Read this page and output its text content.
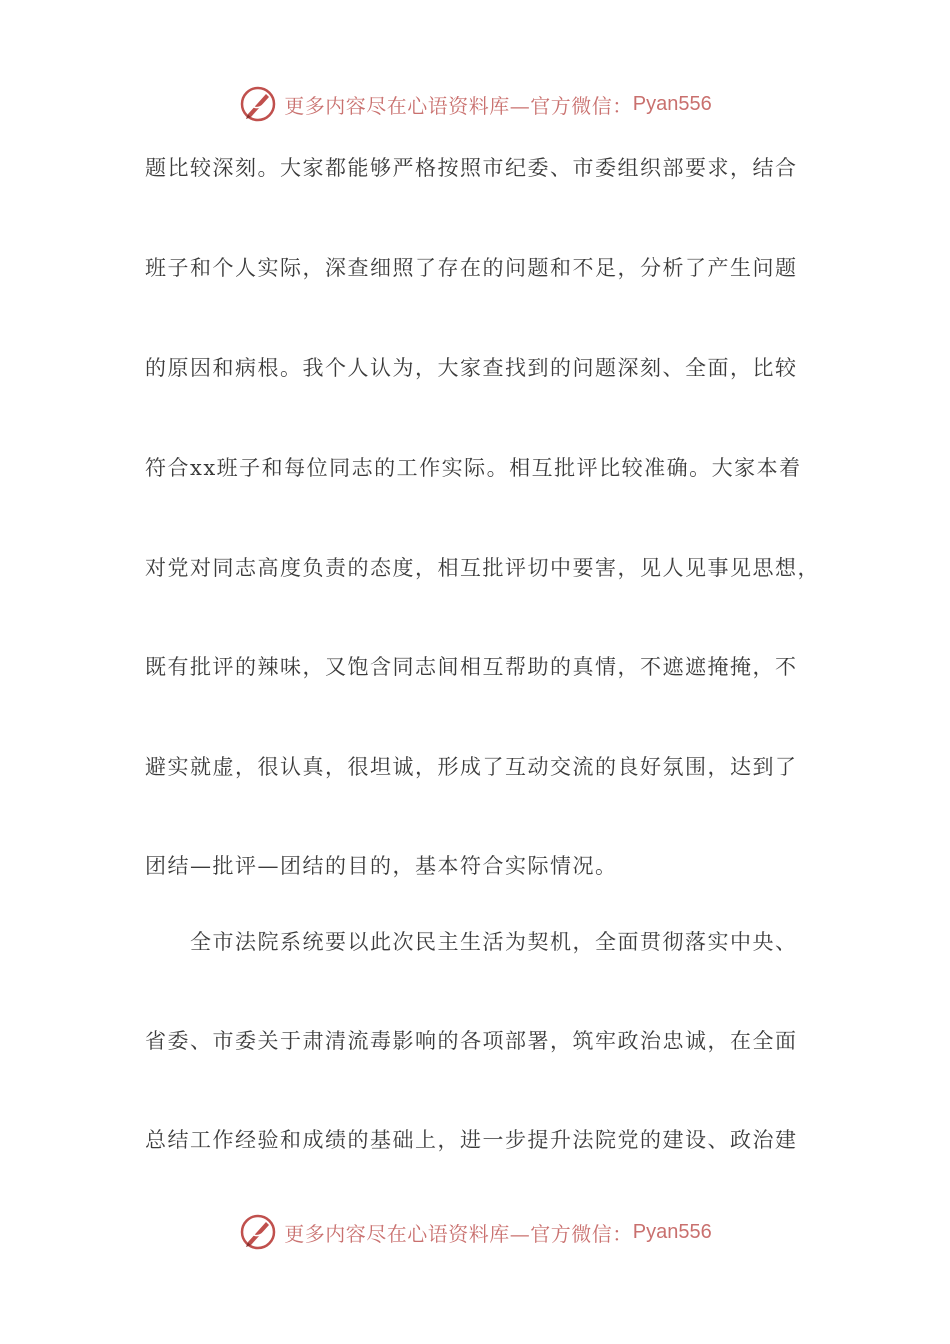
更多内容尽在心语资料库—官方微信： Pyan556
题比较深刻。大家都能够严格按照市纪委、市委组织部要求，结合
班子和个人实际，深查细照了存在的问题和不足，分析了产生问题
的原因和病根。我个人认为，大家查找到的问题深刻、全面，比较
符合xx班子和每位同志的工作实际。相互批评比较准确。大家本着
对党对同志高度负责的态度，相互批评切中要害，见人见事见思想，
既有批评的辣味，又饱含同志间相互帮助的真情，不遮遮掩掩，不
避实就虚，很认真，很坦诚，形成了互动交流的良好氛围，达到了
团结—批评—团结的目的，基本符合实际情况。
全市法院系统要以此次民主生活为契机，全面贯彻落实中央、
省委、市委关于肃清流毒影响的各项部署，筑牢政治忠诚，在全面
总结工作经验和成绩的基础上，进一步提升法院党的建设、政治建
更多内容尽在心语资料库—官方微信： Pyan556
